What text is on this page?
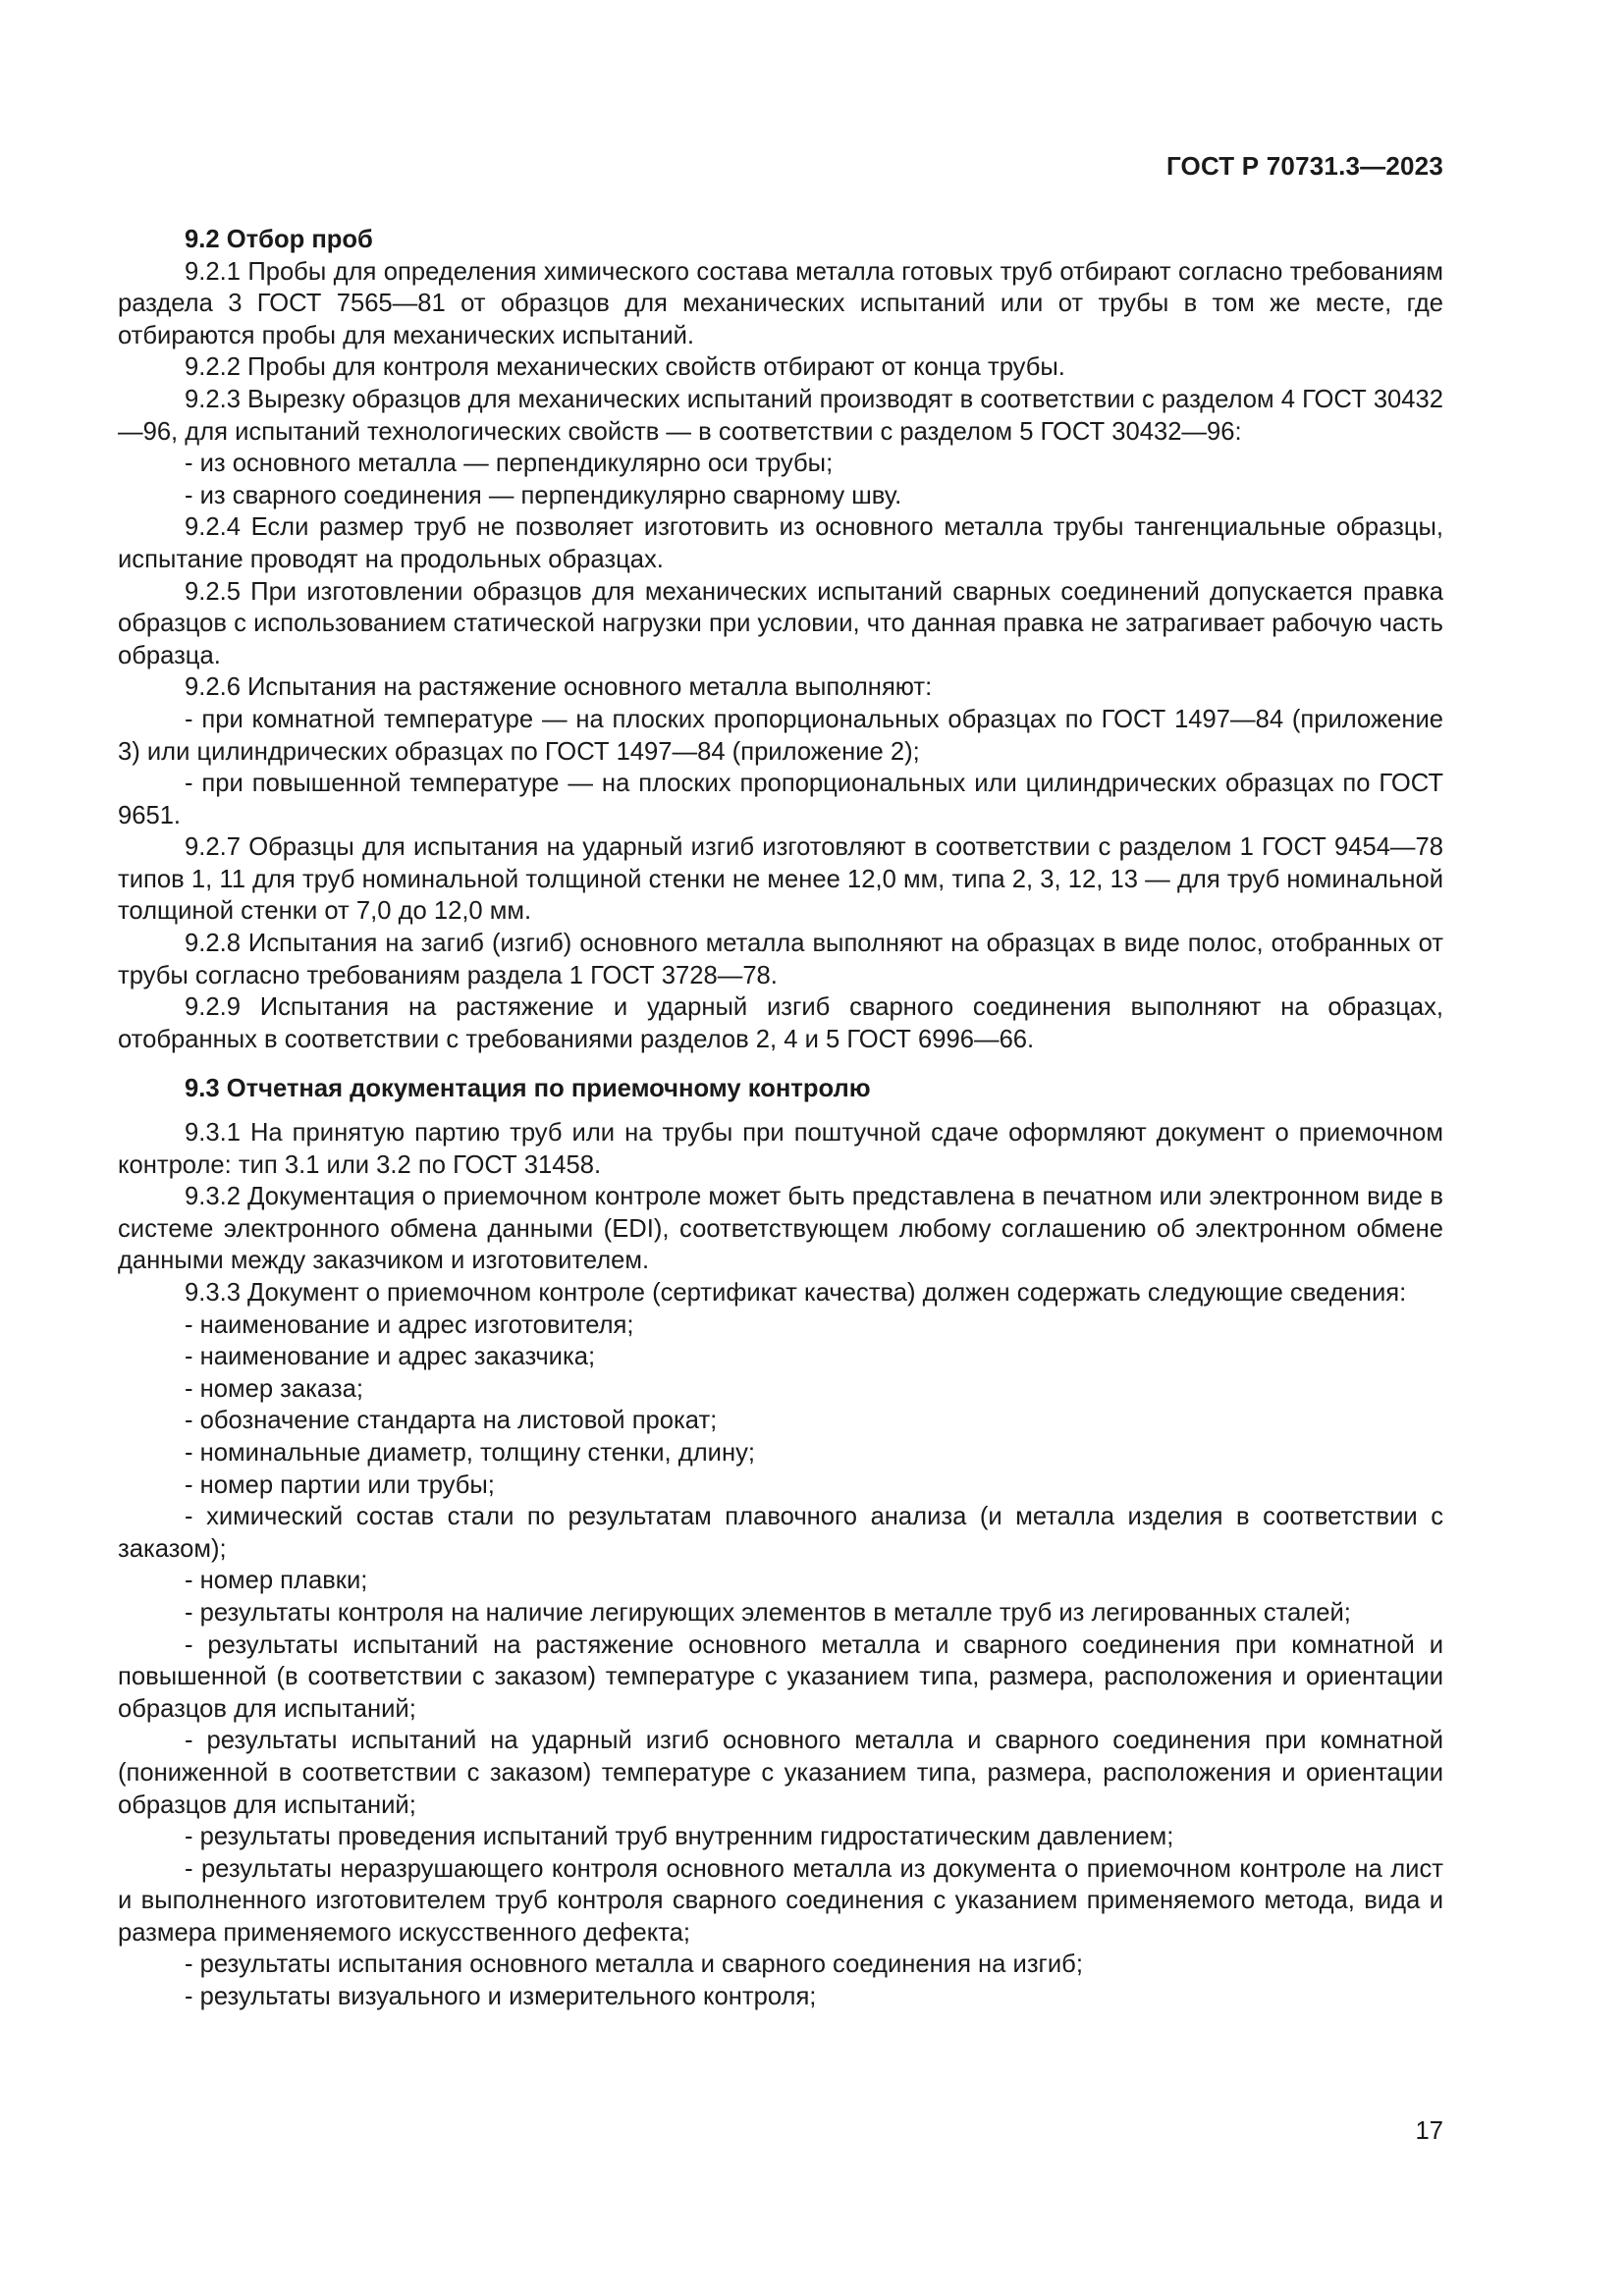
ГОСТ Р 70731.3—2023

9.2 Отбор проб

9.2.1 Пробы для определения химического состава металла готовых труб отбирают согласно требованиям раздела 3 ГОСТ 7565—81 от образцов для механических испытаний или от трубы в том же месте, где отбираются пробы для механических испытаний.

9.2.2 Пробы для контроля механических свойств отбирают от конца трубы.

9.2.3 Вырезку образцов для механических испытаний производят в соответствии с разделом 4 ГОСТ 30432—96, для испытаний технологических свойств — в соответствии с разделом 5 ГОСТ 30432—96:

- из основного металла — перпендикулярно оси трубы;

- из сварного соединения — перпендикулярно сварному шву.

9.2.4 Если размер труб не позволяет изготовить из основного металла трубы тангенциальные образцы, испытание проводят на продольных образцах.

9.2.5 При изготовлении образцов для механических испытаний сварных соединений допускается правка образцов с использованием статической нагрузки при условии, что данная правка не затрагивает рабочую часть образца.

9.2.6 Испытания на растяжение основного металла выполняют:

- при комнатной температуре — на плоских пропорциональных образцах по ГОСТ 1497—84 (приложение 3) или цилиндрических образцах по ГОСТ 1497—84 (приложение 2);

- при повышенной температуре — на плоских пропорциональных или цилиндрических образцах по ГОСТ 9651.

9.2.7 Образцы для испытания на ударный изгиб изготовляют в соответствии с разделом 1 ГОСТ 9454—78 типов 1, 11 для труб номинальной толщиной стенки не менее 12,0 мм, типа 2, 3, 12, 13 — для труб номинальной толщиной стенки от 7,0 до 12,0 мм.

9.2.8 Испытания на загиб (изгиб) основного металла выполняют на образцах в виде полос, отобранных от трубы согласно требованиям раздела 1 ГОСТ 3728—78.

9.2.9 Испытания на растяжение и ударный изгиб сварного соединения выполняют на образцах, отобранных в соответствии с требованиями разделов 2, 4 и 5 ГОСТ 6996—66.

9.3 Отчетная документация по приемочному контролю

9.3.1 На принятую партию труб или на трубы при поштучной сдаче оформляют документ о приемочном контроле: тип 3.1 или 3.2 по ГОСТ 31458.

9.3.2 Документация о приемочном контроле может быть представлена в печатном или электронном виде в системе электронного обмена данными (EDI), соответствующем любому соглашению об электронном обмене данными между заказчиком и изготовителем.

9.3.3 Документ о приемочном контроле (сертификат качества) должен содержать следующие сведения:

- наименование и адрес изготовителя;

- наименование и адрес заказчика;

- номер заказа;

- обозначение стандарта на листовой прокат;

- номинальные диаметр, толщину стенки, длину;

- номер партии или трубы;

- химический состав стали по результатам плавочного анализа (и металла изделия в соответствии с заказом);

- номер плавки;

- результаты контроля на наличие легирующих элементов в металле труб из легированных сталей;

- результаты испытаний на растяжение основного металла и сварного соединения при комнатной и повышенной (в соответствии с заказом) температуре с указанием типа, размера, расположения и ориентации образцов для испытаний;

- результаты испытаний на ударный изгиб основного металла и сварного соединения при комнатной (пониженной в соответствии с заказом) температуре с указанием типа, размера, расположения и ориентации образцов для испытаний;

- результаты проведения испытаний труб внутренним гидростатическим давлением;

- результаты неразрушающего контроля основного металла из документа о приемочном контроле на лист и выполненного изготовителем труб контроля сварного соединения с указанием применяемого метода, вида и размера применяемого искусственного дефекта;

- результаты испытания основного металла и сварного соединения на изгиб;

- результаты визуального и измерительного контроля;

17
